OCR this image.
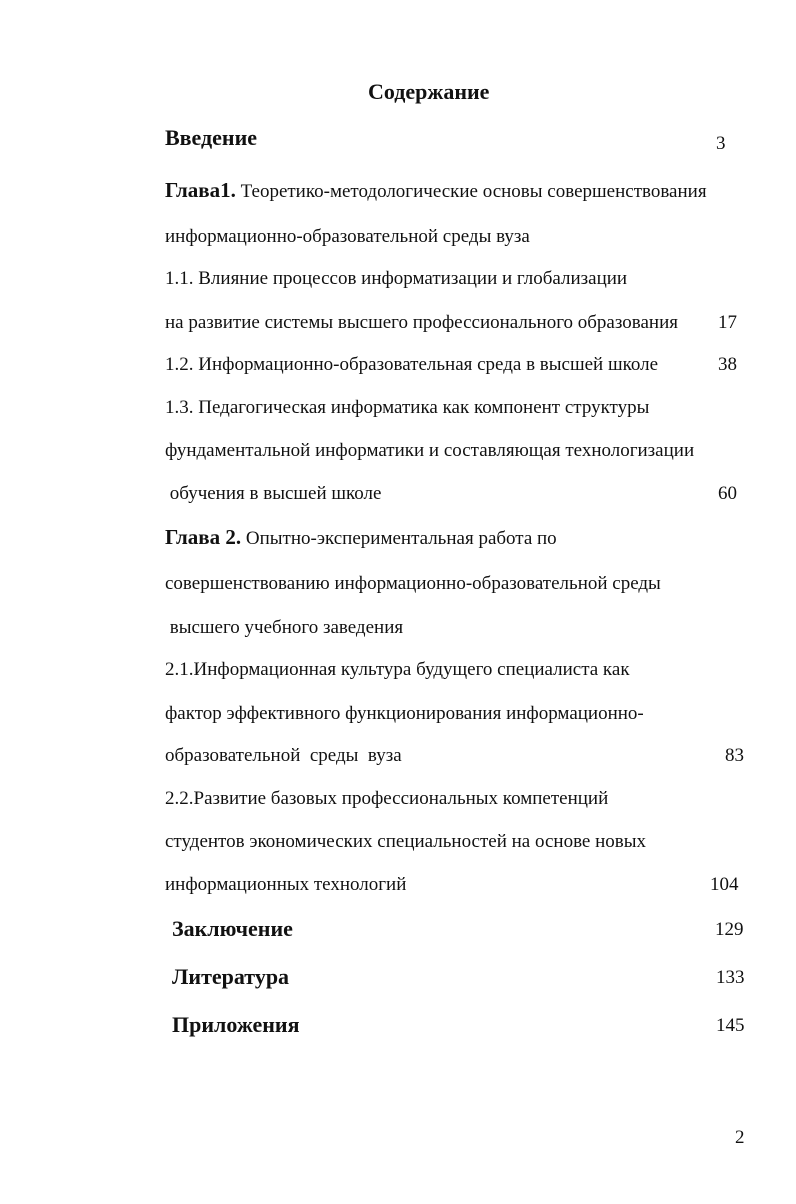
Содержание
Введение	3
Глава1. Теоретико-методологические основы совершенствования
информационно-образовательной среды вуза
1.1. Влияние процессов информатизации и глобализации
на развитие системы высшего профессионального образования 17
1.2. Информационно-образовательная среда в высшей школе	38
1.3. Педагогическая информатика как компонент структуры
фундаментальной информатики и составляющая технологизации
обучения в высшей школе	60
Глава 2. Опытно-экспериментальная работа по
совершенствованию информационно-образовательной среды
высшего учебного заведения
2.1.Информационная культура будущего специалиста как
фактор эффективного функционирования информационно-
образовательной  среды  вуза	83
2.2.Развитие базовых профессиональных компетенций
студентов экономических специальностей на основе новых
информационных технологий	104
Заключение	129
Литература	133
Приложения	145
2
